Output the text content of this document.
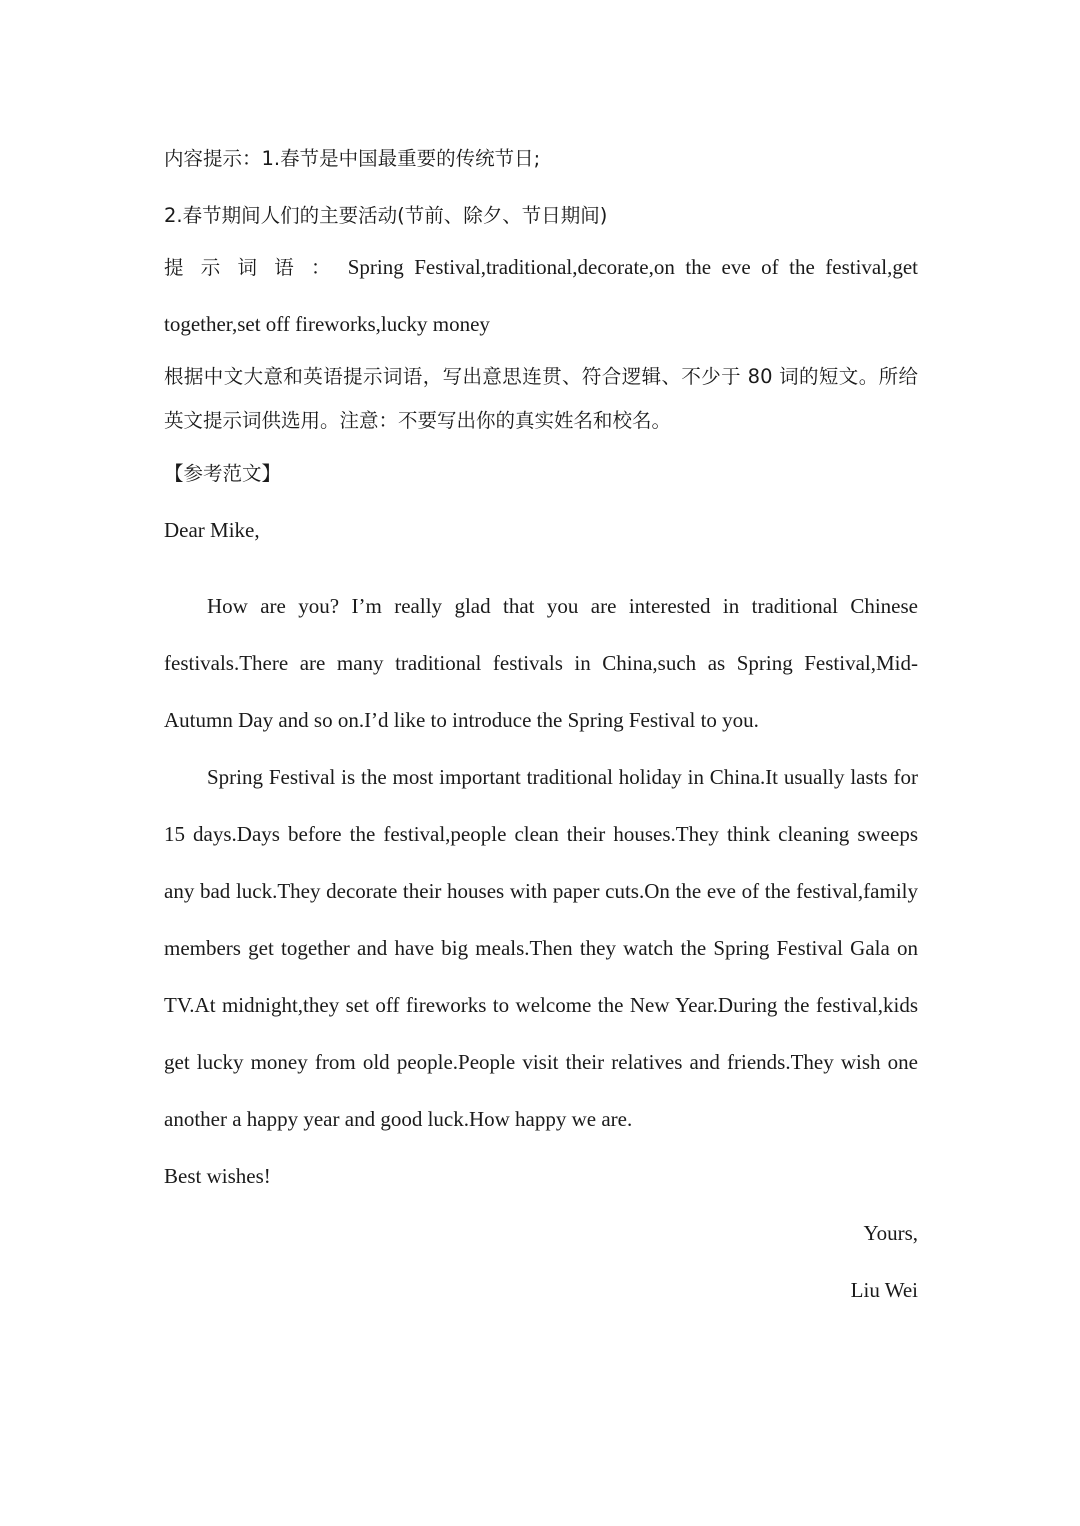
内容提示：1.春节是中国最重要的传统节日;

2.春节期间人们的主要活动(节前、除夕、节日期间)

提示词语：Spring Festival,traditional,decorate,on the eve of the festival,get together,set off fireworks,lucky money

根据中文大意和英语提示词语，写出意思连贯、符合逻辑、不少于 80 词的短文。所给英文提示词供选用。注意：不要写出你的真实姓名和校名。

【参考范文】

Dear Mike,

How are you? I’m really glad that you are interested in traditional Chinese festivals.There are many traditional festivals in China,such as Spring Festival,Mid-Autumn Day and so on.I’d like to introduce the Spring Festival to you.

Spring Festival is the most important traditional holiday in China.It usually lasts for 15 days.Days before the festival,people clean their houses.They think cleaning sweeps any bad luck.They decorate their houses with paper cuts.On the eve of the festival,family members get together and have big meals.Then they watch the Spring Festival Gala on TV.At midnight,they set off fireworks to welcome the New Year.During the festival,kids get lucky money from old people.People visit their relatives and friends.They wish one another a happy year and good luck.How happy we are.

Best wishes!

Yours,

Liu Wei
